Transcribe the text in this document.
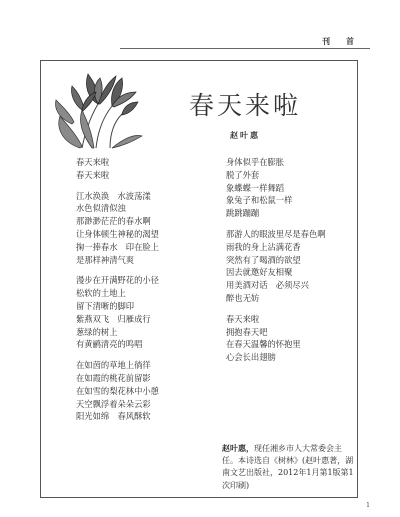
刊首
春天来啦
赵叶惠
春天来啦
春天来啦
江水涣涣　水波荡漾
水色似清似浊
那渺渺茫茫的春水啊
让身体顿生神秘的渴望
掬一捧春水　印在脸上
是那样神清气爽
漫步在开满野花的小径
松软的土地上
留下清晰的脚印
紫燕双飞　归雁成行
葱绿的树上
有黄鹂清亮的鸣唱
在如茵的草地上徜徉
在如霞的桃花前留影
在如雪的梨花林中小憩
天空飘浮着朵朵云彩
阳光如绵　春风酥软
身体似乎在膨胀
脱了外套
象蝶蝶一样舞蹈
象兔子和松鼠一样
跳跳蹦蹦
那游人的眼波里尽是春色啊
雨我的身上沾满花香
突然有了喝酒的欲望
因去就邀好友相聚
用美酒对话　必须尽兴
醉也无妨
春天来啦
拥抱春天吧
在春天温馨的怀抱里
心会长出翅膀
赵叶惠，现任湘乡市人大常委会主任。本诗选自《树林》(赵叶惠著，湖南文艺出版社，2012年1月第1版第1次印刷)
1
